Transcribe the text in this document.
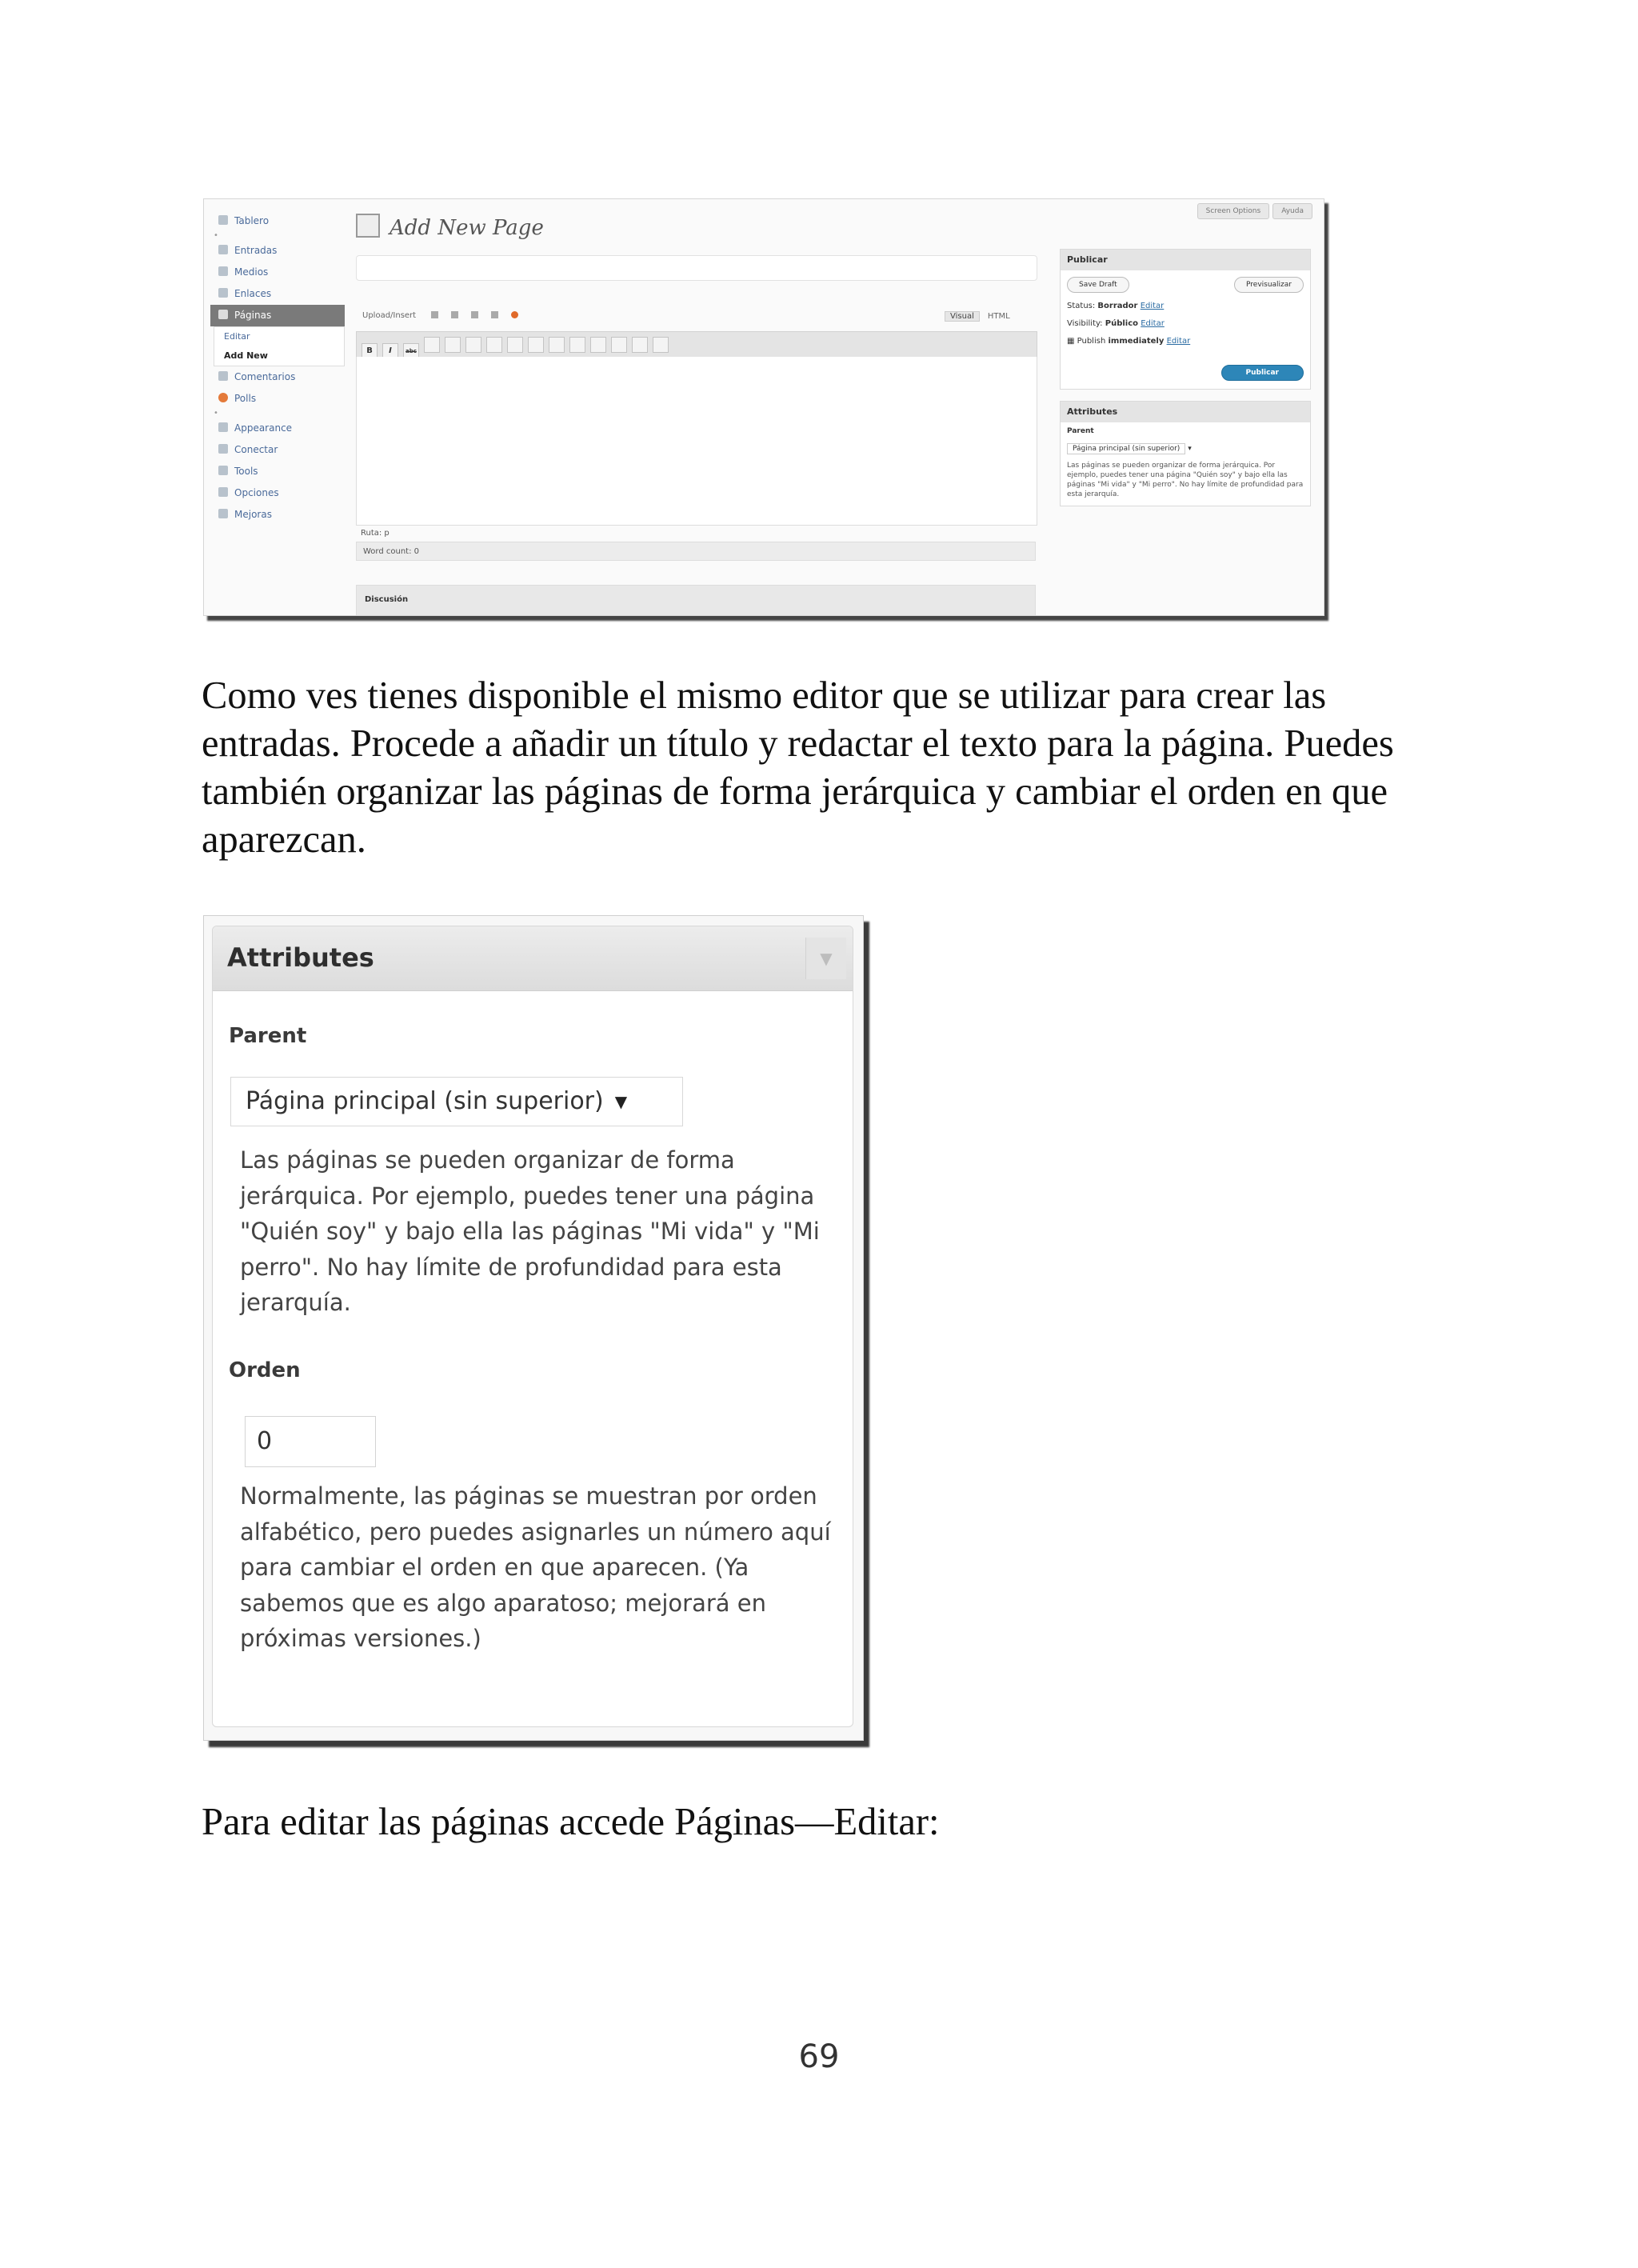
Tablero
•
Entradas
Medios
Enlaces
Páginas
Editar
Add New
Comentarios
Polls
•
Appearance
Conectar
Tools
Opciones
Mejoras
Screen Options	Ayuda
Add New Page
Upload/Insert	Visual HTML
B I abc
Ruta: p
Word count: 0
Discusión
Publicar
Save Draft	Previsualizar
Status: Borrador Editar
Visibility: Público Editar
▦ Publish immediately Editar
Publicar
Attributes
Parent
Página principal (sin superior) ▾
Las páginas se pueden organizar de forma jerárquica. Por ejemplo, puedes tener una página "Quién soy" y bajo ella las páginas "Mi vida" y "Mi perro". No hay límite de profundidad para esta jerarquía.

Como ves tienes disponible el mismo editor que se utilizar para crear las entradas. Procede a añadir un título y redactar el texto para la página. Puedes también organizar las páginas de forma jerárquica y cambiar el orden en que aparezcan.

Attributes	▼
Parent
Página principal (sin superior) ▼

Las páginas se pueden organizar de forma jerárquica. Por ejemplo, puedes tener una página "Quién soy" y bajo ella las páginas "Mi vida" y "Mi perro". No hay límite de profundidad para esta jerarquía.

Orden
0

Normalmente, las páginas se muestran por orden alfabético, pero puedes asignarles un número aquí para cambiar el orden en que aparecen. (Ya sabemos que es algo aparatoso; mejorará en próximas versiones.)

Para editar las páginas accede Páginas—Editar:

69
